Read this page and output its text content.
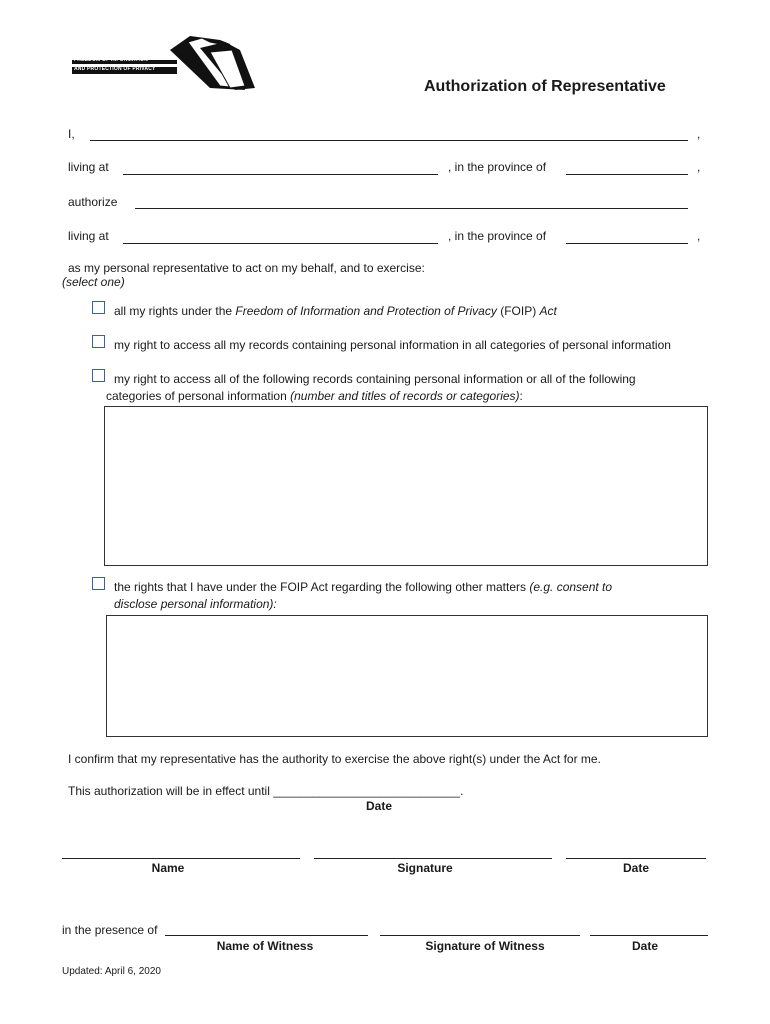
FREEDOM OF INFORMATION
AND PROTECTION OF PRIVACY
Authorization of Representative
I,	,
living at	, in the province of	,
authorize
living at	, in the province of	,
as my personal representative to act on my behalf, and to exercise:
(select one)
all my rights under the Freedom of Information and Protection of Privacy (FOIP) Act
my right to access all my records containing personal information in all categories of personal information
my right to access all of the following records containing personal information or all of the following
categories of personal information (number and titles of records or categories):
the rights that I have under the FOIP Act regarding the following other matters (e.g. consent to
disclose personal information):
I confirm that my representative has the authority to exercise the above right(s) under the Act for me.
This authorization will be in effect until ____________________________.
Date
Name	Signature	Date
in the presence of
Name of Witness	Signature of Witness	Date
Updated: April 6, 2020
